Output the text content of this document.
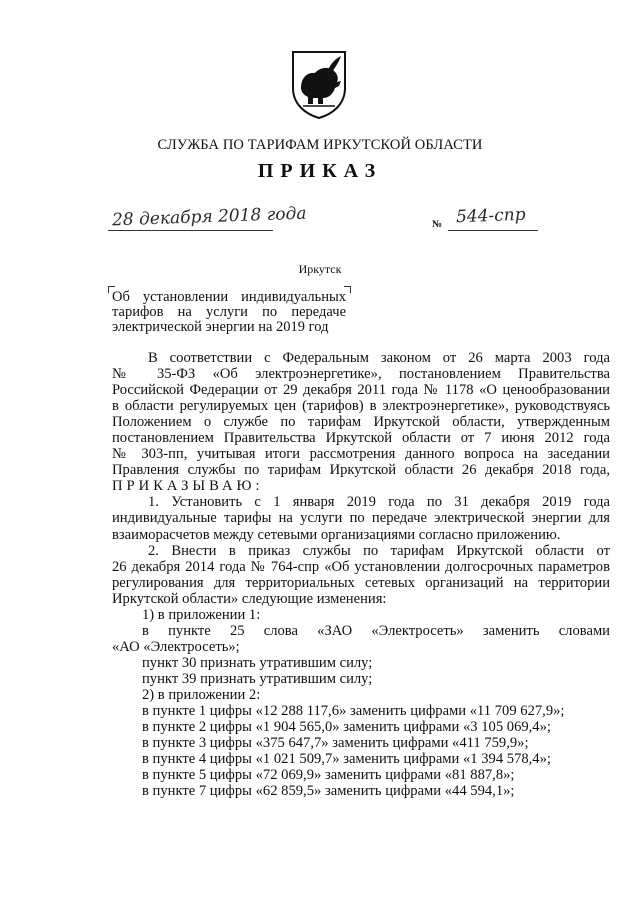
СЛУЖБА ПО ТАРИФАМ ИРКУТСКОЙ ОБЛАСТИ
ПРИКАЗ
28 декабря 2018 года	№ 544-спр
Иркутск
Об установлении индивидуальных
тарифов на услуги по передаче
электрической энергии на 2019 год
В соответствии с Федеральным законом от 26 марта 2003 года
№ 35-ФЗ «Об электроэнергетике», постановлением Правительства
Российской Федерации от 29 декабря 2011 года № 1178 «О ценообразовании
в области регулируемых цен (тарифов) в электроэнергетике», руководствуясь
Положением о службе по тарифам Иркутской области, утвержденным
постановлением Правительства Иркутской области от 7 июня 2012 года
№ 303-пп, учитывая итоги рассмотрения данного вопроса на заседании
Правления службы по тарифам Иркутской области 26 декабря 2018 года,
ПРИКАЗЫВАЮ:
1. Установить с 1 января 2019 года по 31 декабря 2019 года
индивидуальные тарифы на услуги по передаче электрической энергии для
взаиморасчетов между сетевыми организациями согласно приложению.
2. Внести в приказ службы по тарифам Иркутской области от
26 декабря 2014 года № 764-спр «Об установлении долгосрочных параметров
регулирования для территориальных сетевых организаций на территории
Иркутской области» следующие изменения:
1) в приложении 1:
в пункте 25 слова «ЗАО «Электросеть» заменить словами
«АО «Электросеть»;
пункт 30 признать утратившим силу;
пункт 39 признать утратившим силу;
2) в приложении 2:
в пункте 1 цифры «12 288 117,6» заменить цифрами «11 709 627,9»;
в пункте 2 цифры «1 904 565,0» заменить цифрами «3 105 069,4»;
в пункте 3 цифры «375 647,7» заменить цифрами «411 759,9»;
в пункте 4 цифры «1 021 509,7» заменить цифрами «1 394 578,4»;
в пункте 5 цифры «72 069,9» заменить цифрами «81 887,8»;
в пункте 7 цифры «62 859,5» заменить цифрами «44 594,1»;
